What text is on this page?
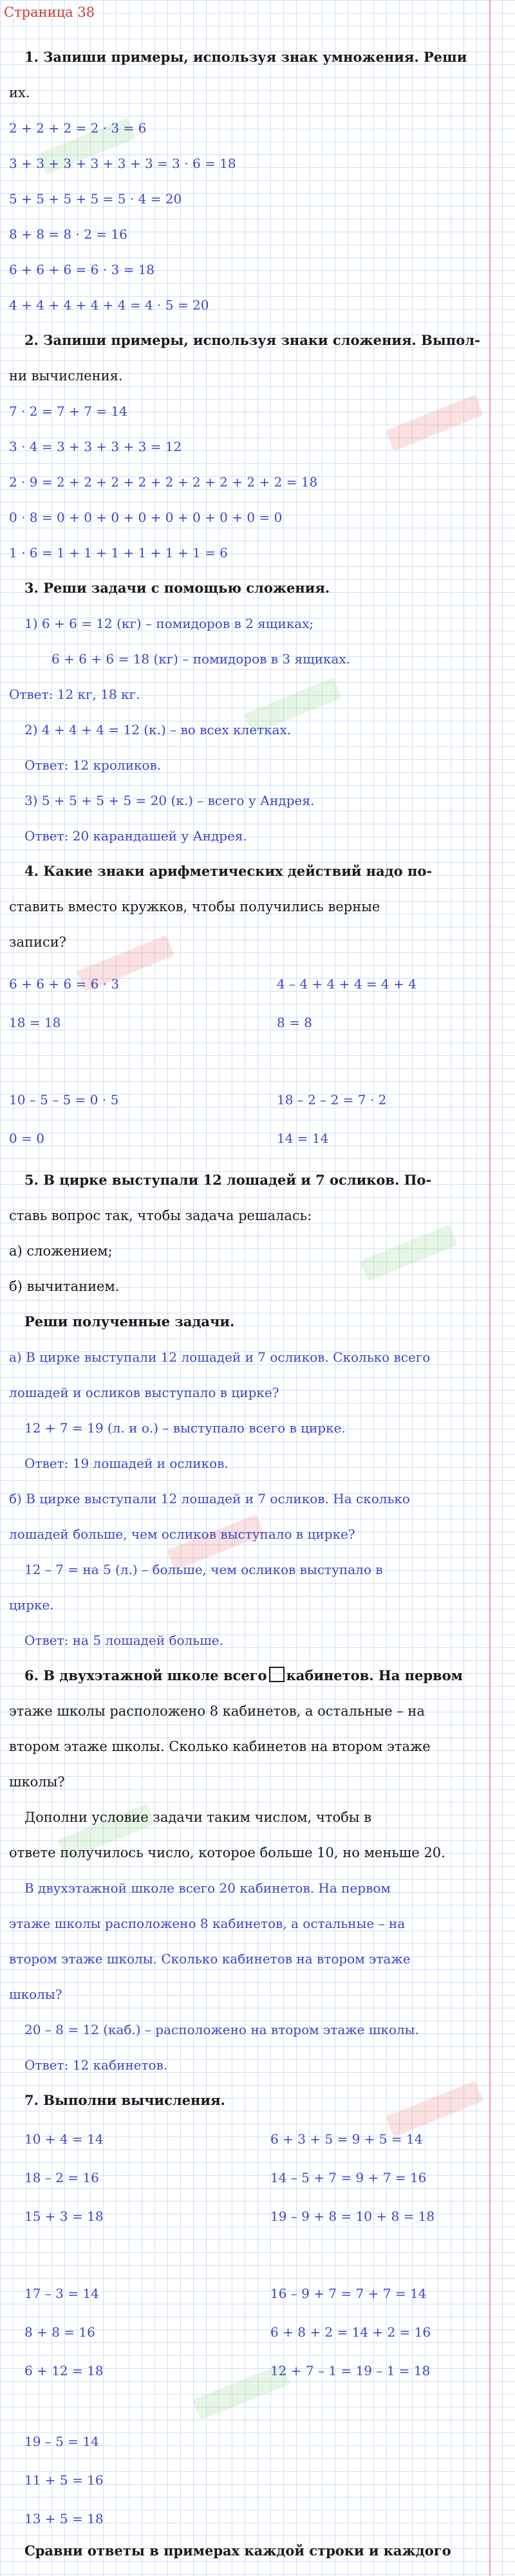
Страница 38
1. Запиши примеры, используя знак умножения. Реши
их.
2 + 2 + 2 = 2 · 3 = 6
3 + 3 + 3 + 3 + 3 + 3 = 3 · 6 = 18
5 + 5 + 5 + 5 = 5 · 4 = 20
8 + 8 = 8 · 2 = 16
6 + 6 + 6 = 6 · 3 = 18
4 + 4 + 4 + 4 + 4 = 4 · 5 = 20
2. Запиши примеры, используя знаки сложения. Выпол-
ни вычисления.
7 · 2 = 7 + 7 = 14
3 · 4 = 3 + 3 + 3 + 3 = 12
2 · 9 = 2 + 2 + 2 + 2 + 2 + 2 + 2 + 2 + 2 = 18
0 · 8 = 0 + 0 + 0 + 0 + 0 + 0 + 0 + 0 = 0
1 · 6 = 1 + 1 + 1 + 1 + 1 + 1 = 6
3. Реши задачи с помощью сложения.
1) 6 + 6 = 12 (кг) – помидоров в 2 ящиках;
6 + 6 + 6 = 18 (кг) – помидоров в 3 ящиках.
Ответ: 12 кг, 18 кг.
2) 4 + 4 + 4 = 12 (к.) – во всех клетках.
Ответ: 12 кроликов.
3) 5 + 5 + 5 + 5 = 20 (к.) – всего у Андрея.
Ответ: 20 карандашей у Андрея.
4. Какие знаки арифметических действий надо по-
ставить вместо кружков, чтобы получились верные
записи?
6 + 6 + 6 = 6 · 3	4 – 4 + 4 + 4 = 4 + 4
18 = 18	8 = 8
10 – 5 – 5 = 0 · 5	18 – 2 – 2 = 7 · 2
0 = 0	14 = 14
5. В цирке выступали 12 лошадей и 7 осликов. По-
ставь вопрос так, чтобы задача решалась:
а) сложением;
б) вычитанием.
Реши полученные задачи.
а) В цирке выступали 12 лошадей и 7 осликов. Сколько всего
лошадей и осликов выступало в цирке?
12 + 7 = 19 (л. и о.) – выступало всего в цирке.
Ответ: 19 лошадей и осликов.
б) В цирке выступали 12 лошадей и 7 осликов. На сколько
лошадей больше, чем осликов выступало в цирке?
12 – 7 = на 5 (л.) – больше, чем осликов выступало в
цирке.
Ответ: на 5 лошадей больше.
6. В двухэтажной школе всего кабинетов. На первом
этаже школы расположено 8 кабинетов, а остальные – на
втором этаже школы. Сколько кабинетов на втором этаже
школы?
Дополни условие задачи таким числом, чтобы в
ответе получилось число, которое больше 10, но меньше 20.
В двухэтажной школе всего 20 кабинетов. На первом
этаже школы расположено 8 кабинетов, а остальные – на
втором этаже школы. Сколько кабинетов на втором этаже
школы?
20 – 8 = 12 (каб.) – расположено на втором этаже школы.
Ответ: 12 кабинетов.
7. Выполни вычисления.
10 + 4 = 14	6 + 3 + 5 = 9 + 5 = 14
18 – 2 = 16	14 – 5 + 7 = 9 + 7 = 16
15 + 3 = 18	19 – 9 + 8 = 10 + 8 = 18
17 – 3 = 14	16 – 9 + 7 = 7 + 7 = 14
8 + 8 = 16	6 + 8 + 2 = 14 + 2 = 16
6 + 12 = 18	12 + 7 – 1 = 19 – 1 = 18
19 – 5 = 14
11 + 5 = 16
13 + 5 = 18
Сравни ответы в примерах каждой строки и каждого
